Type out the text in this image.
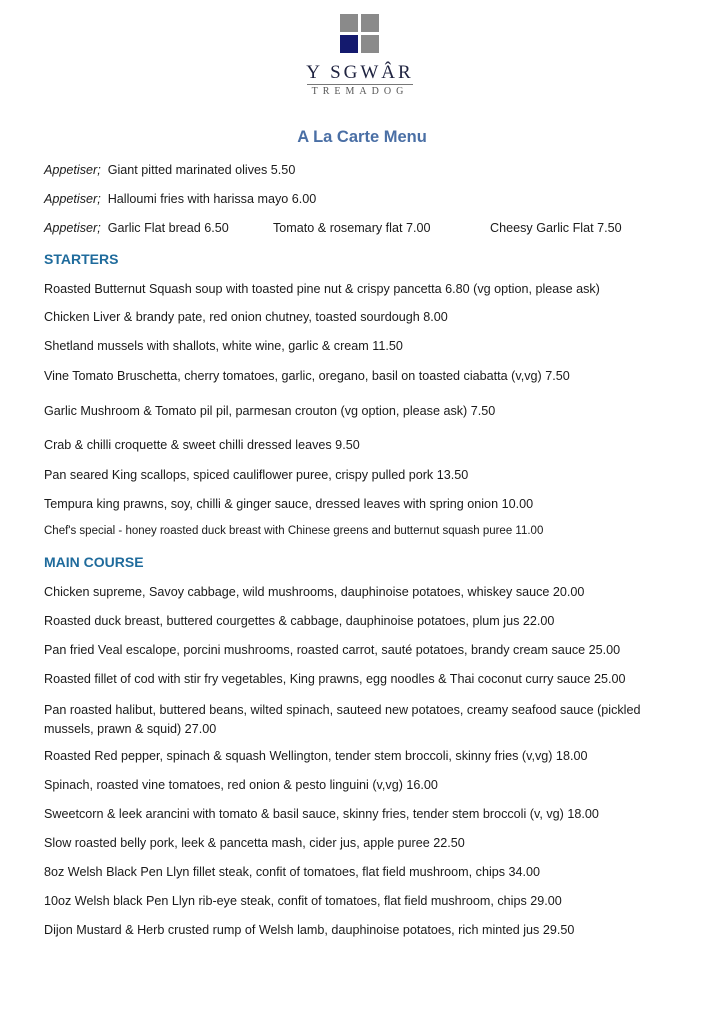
Y SGWÂR
TREMADOG
A La Carte Menu
Appetiser; Giant pitted marinated olives 5.50
Appetiser; Halloumi fries with harissa mayo 6.00
Appetiser; Garlic Flat bread 6.50	Tomato & rosemary flat 7.00	Cheesy Garlic Flat 7.50
STARTERS
Roasted Butternut Squash soup with toasted pine nut & crispy pancetta 6.80 (vg option, please ask)
Chicken Liver & brandy pate, red onion chutney, toasted sourdough 8.00
Shetland mussels with shallots, white wine, garlic & cream 11.50
Vine Tomato Bruschetta, cherry tomatoes, garlic, oregano, basil on toasted ciabatta (v,vg) 7.50
Garlic Mushroom & Tomato pil pil, parmesan crouton (vg option, please ask) 7.50
Crab & chilli croquette & sweet chilli dressed leaves 9.50
Pan seared King scallops, spiced cauliflower puree, crispy pulled pork 13.50
Tempura king prawns, soy, chilli & ginger sauce, dressed leaves with spring onion 10.00
Chef's special - honey roasted duck breast with Chinese greens and butternut squash puree 11.00
MAIN COURSE
Chicken supreme, Savoy cabbage, wild mushrooms, dauphinoise potatoes, whiskey sauce 20.00
Roasted duck breast, buttered courgettes & cabbage, dauphinoise potatoes, plum jus 22.00
Pan fried Veal escalope, porcini mushrooms, roasted carrot, sauté potatoes, brandy cream sauce 25.00
Roasted fillet of cod with stir fry vegetables, King prawns, egg noodles & Thai coconut curry sauce 25.00
Pan roasted halibut, buttered beans, wilted spinach, sauteed new potatoes, creamy seafood sauce (pickled mussels, prawn & squid) 27.00
Roasted Red pepper, spinach & squash Wellington, tender stem broccoli, skinny fries (v,vg) 18.00
Spinach, roasted vine tomatoes, red onion & pesto linguini (v,vg) 16.00
Sweetcorn & leek arancini with tomato & basil sauce, skinny fries, tender stem broccoli (v, vg) 18.00
Slow roasted belly pork, leek & pancetta mash, cider jus, apple puree 22.50
8oz Welsh Black Pen Llyn fillet steak, confit of tomatoes, flat field mushroom, chips 34.00
10oz Welsh black Pen Llyn rib-eye steak, confit of tomatoes, flat field mushroom, chips 29.00
Dijon Mustard & Herb crusted rump of Welsh lamb, dauphinoise potatoes, rich minted jus 29.50
